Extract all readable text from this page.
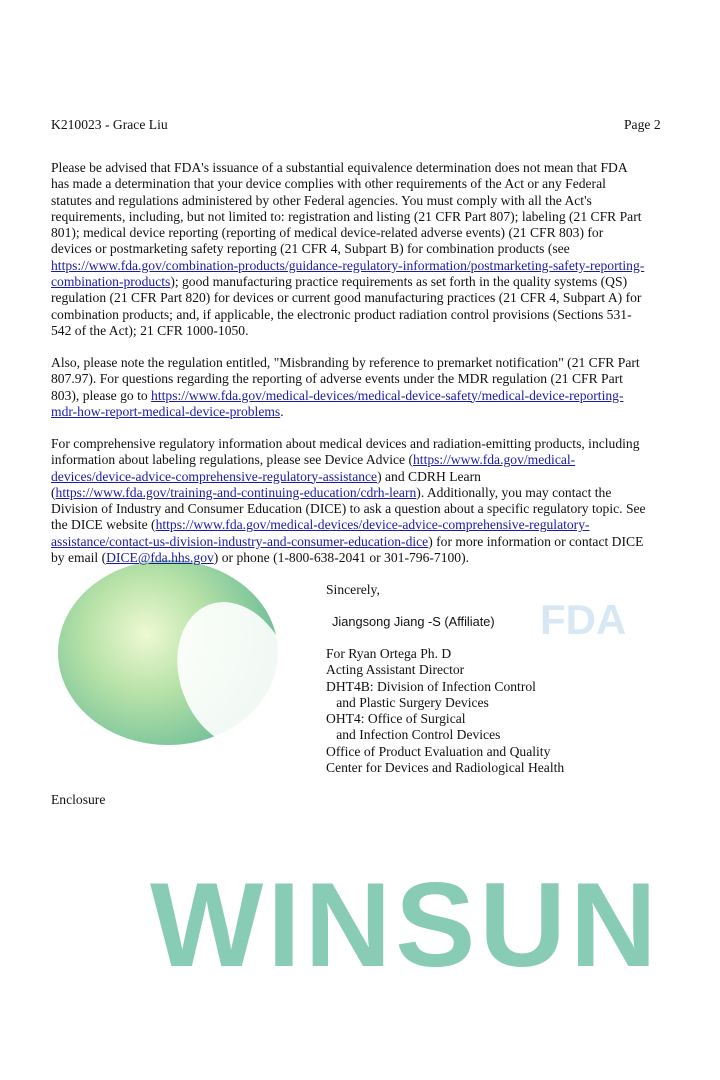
WINSUN
FDA
K210023 - Grace Liu	Page 2
Please be advised that FDA's issuance of a substantial equivalence determination does not mean that FDA
has made a determination that your device complies with other requirements of the Act or any Federal
statutes and regulations administered by other Federal agencies. You must comply with all the Act's
requirements, including, but not limited to: registration and listing (21 CFR Part 807); labeling (21 CFR Part
801); medical device reporting (reporting of medical device-related adverse events) (21 CFR 803) for
devices or postmarketing safety reporting (21 CFR 4, Subpart B) for combination products (see
https://www.fda.gov/combination-products/guidance-regulatory-information/postmarketing-safety-reporting-
combination-products); good manufacturing practice requirements as set forth in the quality systems (QS)
regulation (21 CFR Part 820) for devices or current good manufacturing practices (21 CFR 4, Subpart A) for
combination products; and, if applicable, the electronic product radiation control provisions (Sections 531-
542 of the Act); 21 CFR 1000-1050.
Also, please note the regulation entitled, "Misbranding by reference to premarket notification" (21 CFR Part
807.97). For questions regarding the reporting of adverse events under the MDR regulation (21 CFR Part
803), please go to https://www.fda.gov/medical-devices/medical-device-safety/medical-device-reporting-
mdr-how-report-medical-device-problems.
For comprehensive regulatory information about medical devices and radiation-emitting products, including
information about labeling regulations, please see Device Advice (https://www.fda.gov/medical-
devices/device-advice-comprehensive-regulatory-assistance) and CDRH Learn
(https://www.fda.gov/training-and-continuing-education/cdrh-learn). Additionally, you may contact the
Division of Industry and Consumer Education (DICE) to ask a question about a specific regulatory topic. See
the DICE website (https://www.fda.gov/medical-devices/device-advice-comprehensive-regulatory-
assistance/contact-us-division-industry-and-consumer-education-dice) for more information or contact DICE
by email (DICE@fda.hhs.gov) or phone (1-800-638-2041 or 301-796-7100).
Sincerely,
Jiangsong Jiang -S (Affiliate)
For Ryan Ortega Ph. D
Acting Assistant Director
DHT4B: Division of Infection Control
and Plastic Surgery Devices
OHT4: Office of Surgical
and Infection Control Devices
Office of Product Evaluation and Quality
Center for Devices and Radiological Health
Enclosure
